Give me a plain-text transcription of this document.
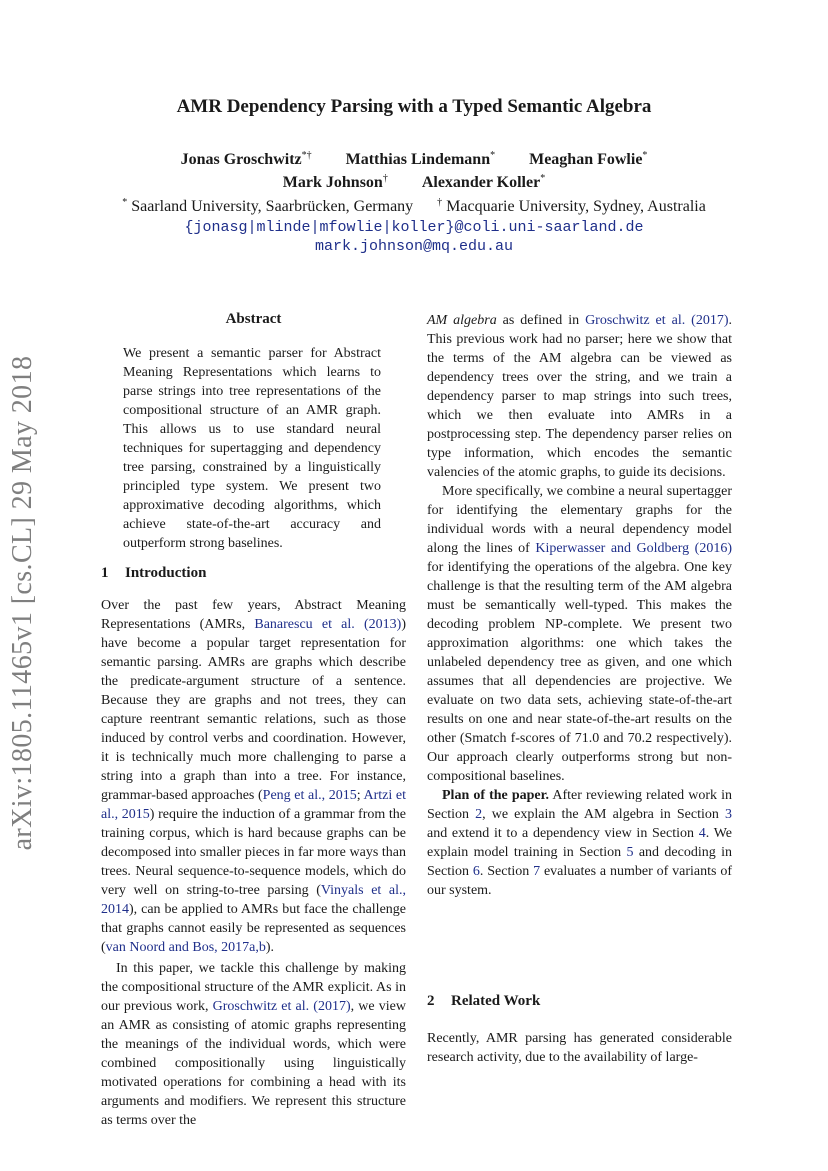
arXiv:1805.11465v1 [cs.CL] 29 May 2018
AMR Dependency Parsing with a Typed Semantic Algebra
Jonas Groschwitz*† Matthias Lindemann* Meaghan Fowlie*
Mark Johnson† Alexander Koller*
* Saarland University, Saarbrücken, Germany † Macquarie University, Sydney, Australia
{jonasg|mlinde|mfowlie|koller}@coli.uni-saarland.de
mark.johnson@mq.edu.au
Abstract

We present a semantic parser for Abstract Meaning Representations which learns to parse strings into tree representations of the compositional structure of an AMR graph. This allows us to use standard neural techniques for supertagging and dependency tree parsing, constrained by a linguistically principled type system. We present two approximative decoding algorithms, which achieve state-of-the-art accuracy and outperform strong baselines.

1 Introduction

Over the past few years, Abstract Meaning Representations (AMRs, Banarescu et al. (2013)) have become a popular target representation for semantic parsing. AMRs are graphs which describe the predicate-argument structure of a sentence. Because they are graphs and not trees, they can capture reentrant semantic relations, such as those induced by control verbs and coordination. However, it is technically much more challenging to parse a string into a graph than into a tree. For instance, grammar-based approaches (Peng et al., 2015; Artzi et al., 2015) require the induction of a grammar from the training corpus, which is hard because graphs can be decomposed into smaller pieces in far more ways than trees. Neural sequence-to-sequence models, which do very well on string-to-tree parsing (Vinyals et al., 2014), can be applied to AMRs but face the challenge that graphs cannot easily be represented as sequences (van Noord and Bos, 2017a,b).

In this paper, we tackle this challenge by making the compositional structure of the AMR explicit. As in our previous work, Groschwitz et al. (2017), we view an AMR as consisting of atomic graphs representing the meanings of the individual words, which were combined compositionally using linguistically motivated operations for combining a head with its arguments and modifiers. We represent this structure as terms over the

AM algebra as defined in Groschwitz et al. (2017). This previous work had no parser; here we show that the terms of the AM algebra can be viewed as dependency trees over the string, and we train a dependency parser to map strings into such trees, which we then evaluate into AMRs in a postprocessing step. The dependency parser relies on type information, which encodes the semantic valencies of the atomic graphs, to guide its decisions.

More specifically, we combine a neural supertagger for identifying the elementary graphs for the individual words with a neural dependency model along the lines of Kiperwasser and Goldberg (2016) for identifying the operations of the algebra. One key challenge is that the resulting term of the AM algebra must be semantically well-typed. This makes the decoding problem NP-complete. We present two approximation algorithms: one which takes the unlabeled dependency tree as given, and one which assumes that all dependencies are projective. We evaluate on two data sets, achieving state-of-the-art results on one and near state-of-the-art results on the other (Smatch f-scores of 71.0 and 70.2 respectively). Our approach clearly outperforms strong but non-compositional baselines.

Plan of the paper. After reviewing related work in Section 2, we explain the AM algebra in Section 3 and extend it to a dependency view in Section 4. We explain model training in Section 5 and decoding in Section 6. Section 7 evaluates a number of variants of our system.

2 Related Work

Recently, AMR parsing has generated considerable research activity, due to the availability of large-
